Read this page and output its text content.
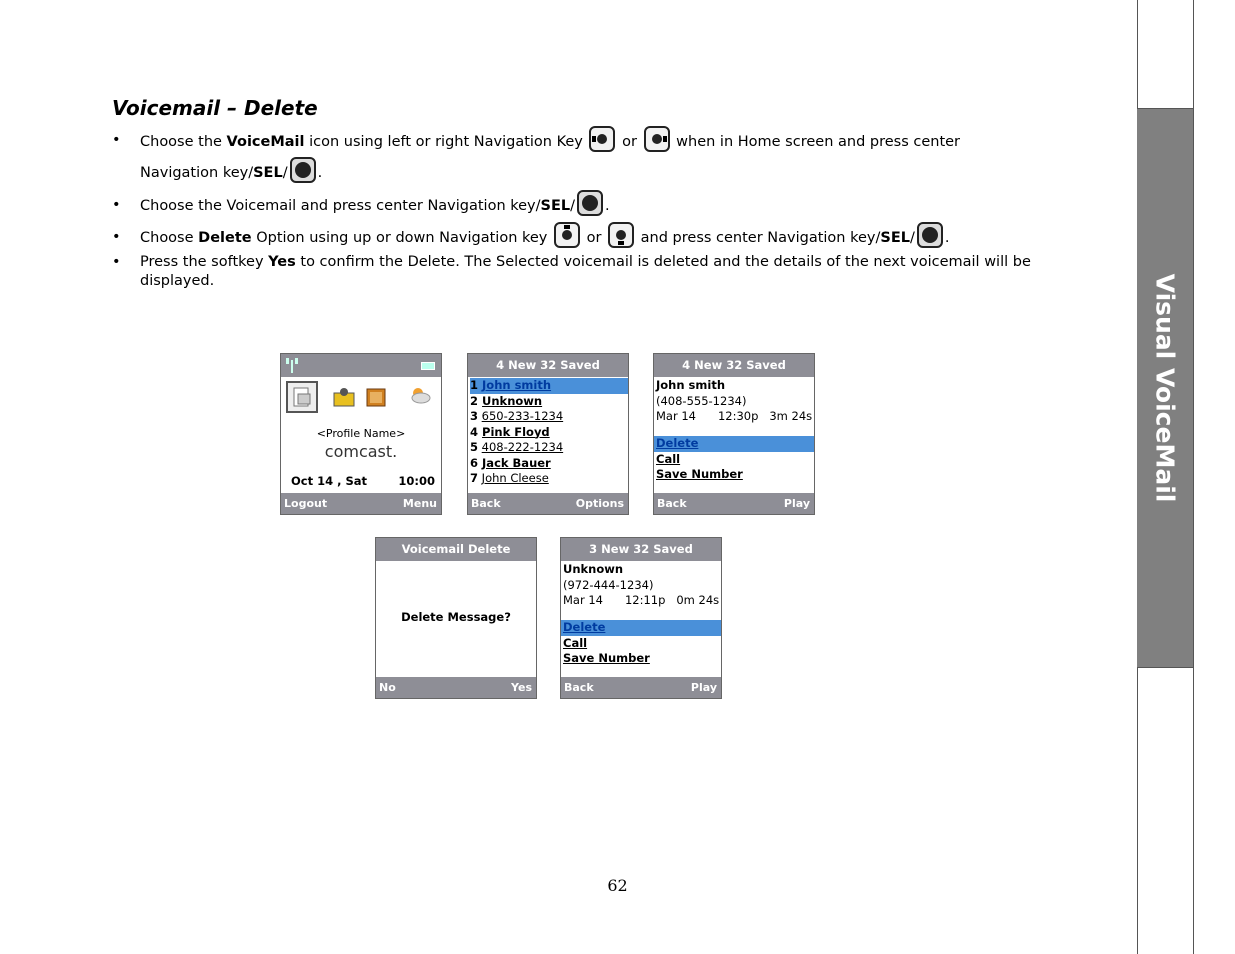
Visual VoiceMail
Voicemail – Delete
• Choose the VoiceMail icon using left or right Navigation Key  or  when in Home screen and press center Navigation key/SEL/ .
• Choose the Voicemail and press center Navigation key/SEL/ .
• Choose Delete Option using up or down Navigation key  or  and press center Navigation key/SEL/ .
• Press the softkey Yes to confirm the Delete. The Selected voicemail is deleted and the details of the next voicemail will be displayed.
<Profile Name>
comcast.
Oct 14 , Sat	10:00
Logout	Menu
4 New 32 Saved
1 John smith
2 Unknown
3 650-233-1234
4 Pink Floyd
5 408-222-1234
6 Jack Bauer
7 John Cleese
Back	Options
4 New 32 Saved
John smith
(408-555-1234)
Mar 14 12:30p 3m 24s
Delete
Call
Save Number
Back	Play
Voicemail Delete
Delete Message?
No	Yes
3 New 32 Saved
Unknown
(972-444-1234)
Mar 14 12:11p 0m 24s
Delete
Call
Save Number
Back	Play
62
